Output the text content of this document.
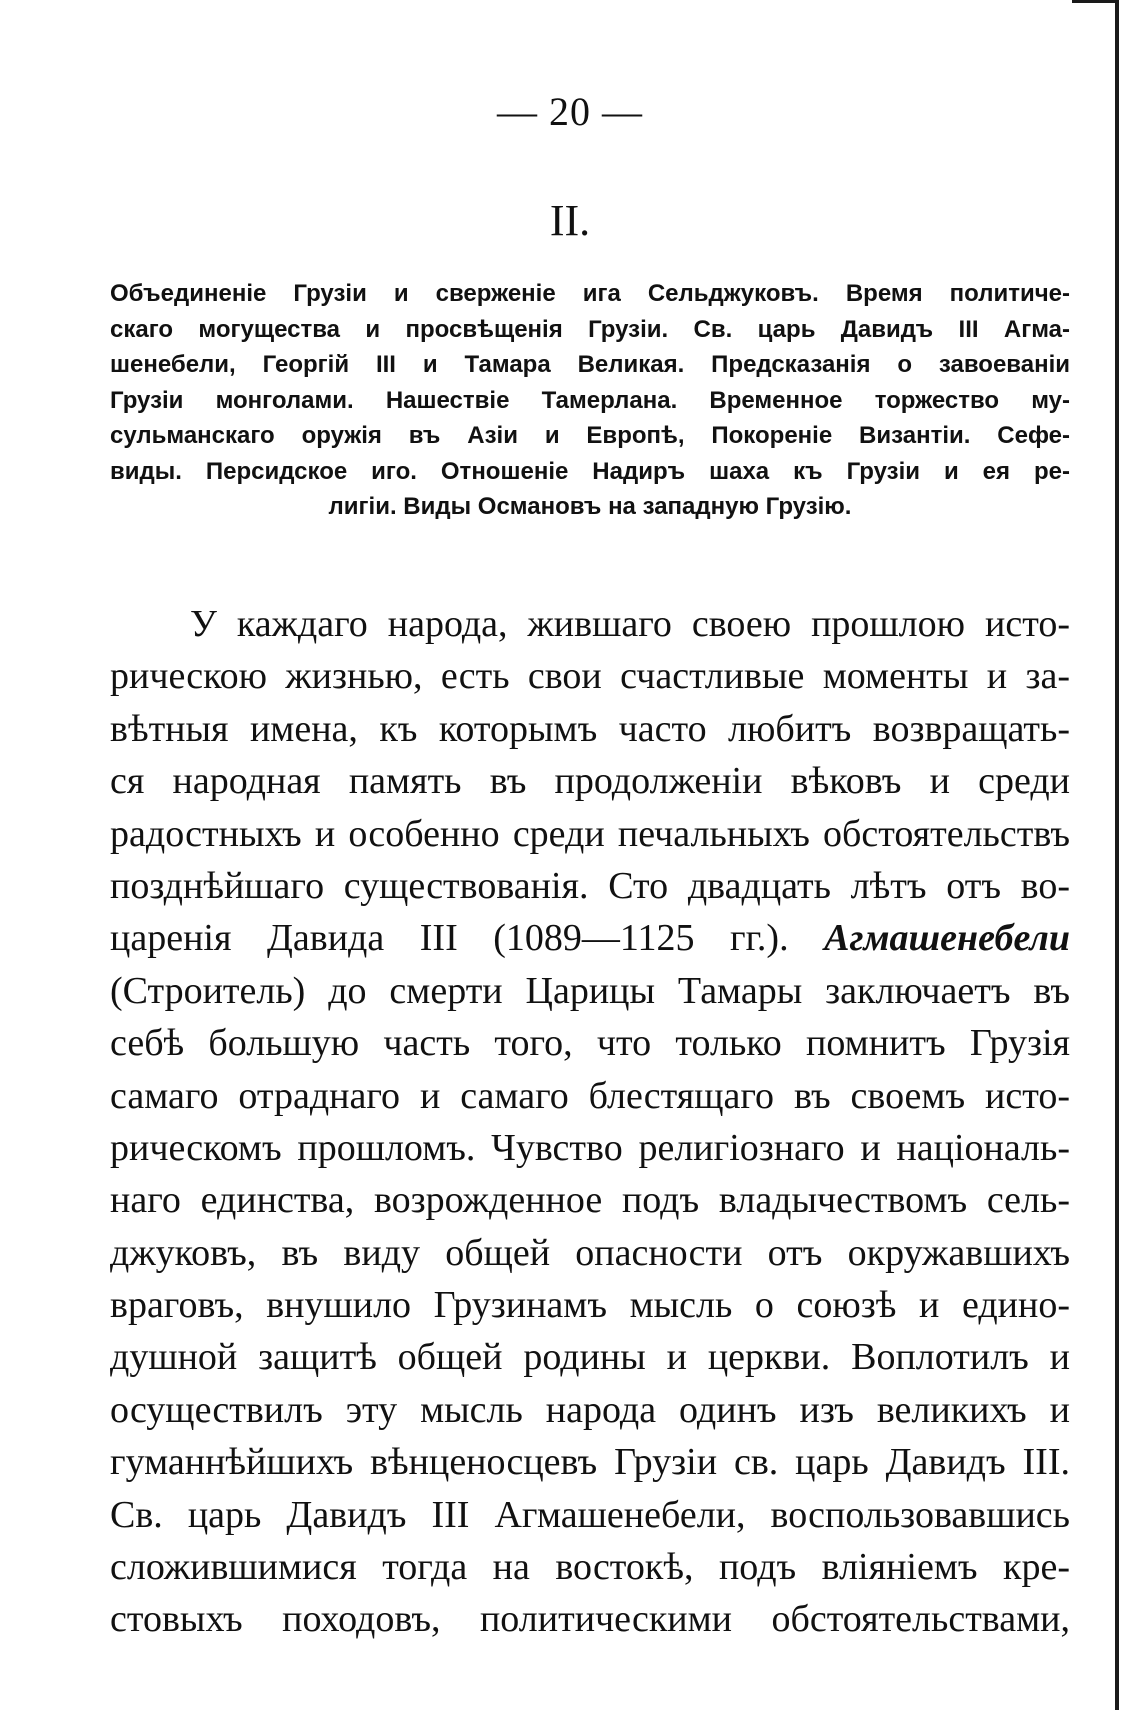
— 20 —
II.
Объединеніе Грузіи и сверженіе ига Сельджуковъ. Время политиче-
скаго могущества и просвѣщенія Грузіи. Св. царь Давидъ III Агма-
шенебели, Георгій III и Тамара Великая. Предсказанія о завоеваніи
Грузіи монголами. Нашествіе Тамерлана. Временное торжество му-
сульманскаго оружія въ Азіи и Европѣ, Покореніе Византіи. Сефе-
виды. Персидское иго. Отношеніе Надиръ шаха къ Грузіи и ея ре-
лигіи. Виды Османовъ на западную Грузію.
У каждаго народа, жившаго своею прошлою исто-
рическою жизнью, есть свои счастливые моменты и за-
вѣтныя имена, къ которымъ часто любитъ возвращать-
ся народная память въ продолженіи вѣковъ и среди
радостныхъ и особенно среди печальныхъ обстоятельствъ
позднѣйшаго существованія. Сто двадцать лѣтъ отъ во-
царенія Давида III (1089—1125 гг.). Агмашенебели
(Строитель) до смерти Царицы Тамары заключаетъ въ
себѣ большую часть того, что только помнитъ Грузія
самаго отраднаго и самаго блестящаго въ своемъ исто-
рическомъ прошломъ. Чувство религіознаго и національ-
наго единства, возрожденное подъ владычествомъ сель-
джуковъ, въ виду общей опасности отъ окружавшихъ
враговъ, внушило Грузинамъ мысль о союзѣ и едино-
душной защитѣ общей родины и церкви. Воплотилъ и
осуществилъ эту мысль народа одинъ изъ великихъ и
гуманнѣйшихъ вѣнценосцевъ Грузіи св. царь Давидъ III.
Св. царь Давидъ III Агмашенебели, воспользовавшись
сложившимися тогда на востокѣ, подъ вліяніемъ кре-
стовыхъ походовъ, политическими обстоятельствами,
